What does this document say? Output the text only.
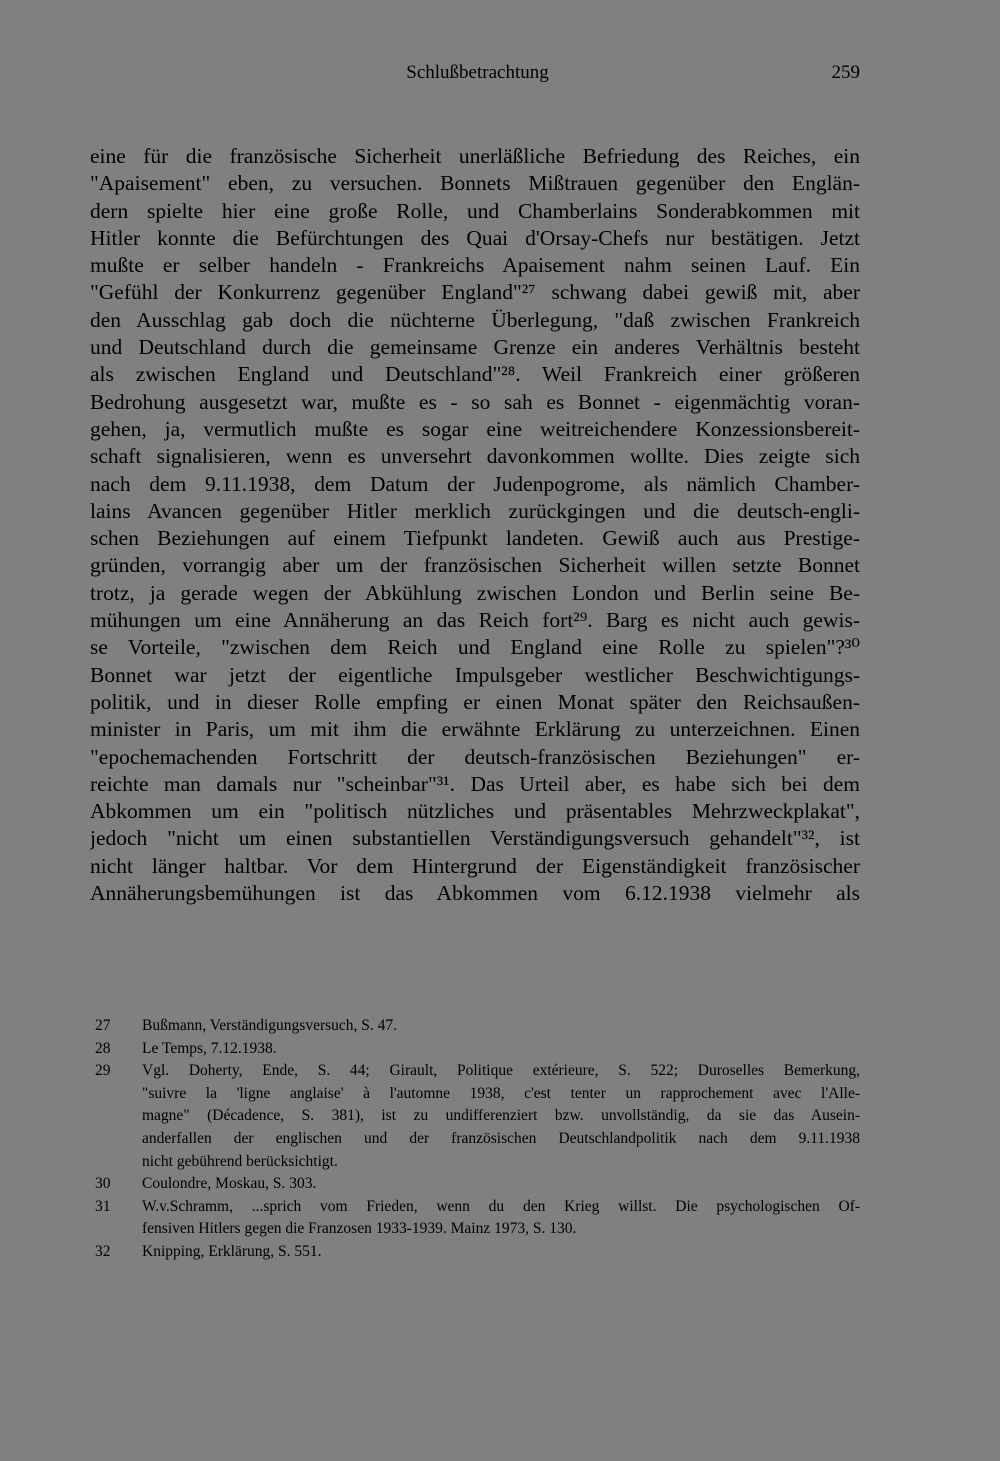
Schlußbetrachtung	259
eine für die französische Sicherheit unerläßliche Befriedung des Reiches, ein
"Apaisement" eben, zu versuchen. Bonnets Mißtrauen gegenüber den Englän-
dern spielte hier eine große Rolle, und Chamberlains Sonderabkommen mit
Hitler konnte die Befürchtungen des Quai d'Orsay-Chefs nur bestätigen. Jetzt
mußte er selber handeln - Frankreichs Apaisement nahm seinen Lauf. Ein
"Gefühl der Konkurrenz gegenüber England"²⁷ schwang dabei gewiß mit, aber
den Ausschlag gab doch die nüchterne Überlegung, "daß zwischen Frankreich
und Deutschland durch die gemeinsame Grenze ein anderes Verhältnis besteht
als zwischen England und Deutschland"²⁸. Weil Frankreich einer größeren
Bedrohung ausgesetzt war, mußte es - so sah es Bonnet - eigenmächtig voran-
gehen, ja, vermutlich mußte es sogar eine weitreichendere Konzessionsbereit-
schaft signalisieren, wenn es unversehrt davonkommen wollte. Dies zeigte sich
nach dem 9.11.1938, dem Datum der Judenpogrome, als nämlich Chamber-
lains Avancen gegenüber Hitler merklich zurückgingen und die deutsch-engli-
schen Beziehungen auf einem Tiefpunkt landeten. Gewiß auch aus Prestige-
gründen, vorrangig aber um der französischen Sicherheit willen setzte Bonnet
trotz, ja gerade wegen der Abkühlung zwischen London und Berlin seine Be-
mühungen um eine Annäherung an das Reich fort²⁹. Barg es nicht auch gewis-
se Vorteile, "zwischen dem Reich und England eine Rolle zu spielen"?³⁰
Bonnet war jetzt der eigentliche Impulsgeber westlicher Beschwichtigungs-
politik, und in dieser Rolle empfing er einen Monat später den Reichsaußen-
minister in Paris, um mit ihm die erwähnte Erklärung zu unterzeichnen. Einen
"epochemachenden Fortschritt der deutsch-französischen Beziehungen" er-
reichte man damals nur "scheinbar"³¹. Das Urteil aber, es habe sich bei dem
Abkommen um ein "politisch nützliches und präsentables Mehrzweckplakat",
jedoch "nicht um einen substantiellen Verständigungsversuch gehandelt"³², ist
nicht länger haltbar. Vor dem Hintergrund der Eigenständigkeit französischer
Annäherungsbemühungen ist das Abkommen vom 6.12.1938 vielmehr als
27	Bußmann, Verständigungsversuch, S. 47.
28	Le Temps, 7.12.1938.
29	Vgl. Doherty, Ende, S. 44; Girault, Politique extérieure, S. 522; Duroselles Bemerkung,
"suivre la 'ligne anglaise' à l'automne 1938, c'est tenter un rapprochement avec l'Alle-
magne" (Décadence, S. 381), ist zu undifferenziert bzw. unvollständig, da sie das Ausein-
anderfallen der englischen und der französischen Deutschlandpolitik nach dem 9.11.1938
nicht gebührend berücksichtigt.
30	Coulondre, Moskau, S. 303.
31	W.v.Schramm, ...sprich vom Frieden, wenn du den Krieg willst. Die psychologischen Of-
fensiven Hitlers gegen die Franzosen 1933-1939. Mainz 1973, S. 130.
32	Knipping, Erklärung, S. 551.
